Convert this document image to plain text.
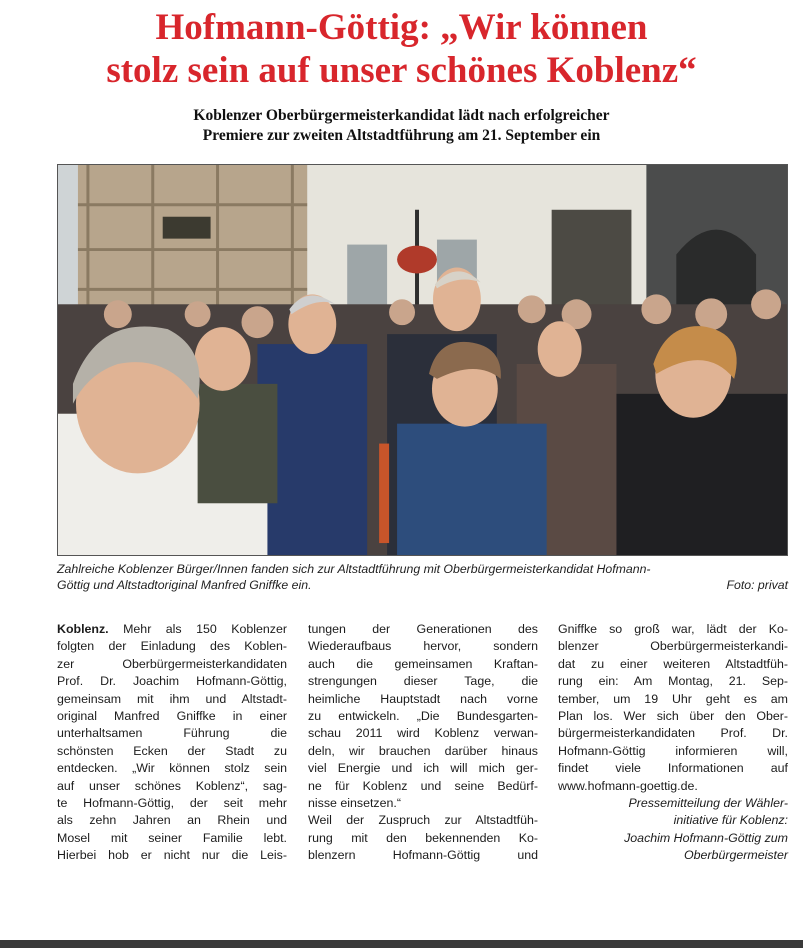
Hofmann-Göttig: „Wir können
stolz sein auf unser schönes Koblenz“
Koblenzer Oberbürgermeisterkandidat lädt nach erfolgreicher
Premiere zur zweiten Altstadtführung am 21. September ein
Zahlreiche Koblenzer Bürger/Innen fanden sich zur Altstadtführung mit Oberbürgermeisterkandidat Hofmann-
Göttig und Altstadtoriginal Manfred Gniffke ein.	Foto: privat
Koblenz. Mehr als 150 Koblenzer
folgten der Einladung des Koblen-
zer Oberbürgermeisterkandidaten
Prof. Dr. Joachim Hofmann-Göttig,
gemeinsam mit ihm und Altstadt-
original Manfred Gniffke in einer
unterhaltsamen Führung die
schönsten Ecken der Stadt zu
entdecken. „Wir können stolz sein
auf unser schönes Koblenz“, sag-
te Hofmann-Göttig, der seit mehr
als zehn Jahren an Rhein und
Mosel mit seiner Familie lebt.
Hierbei hob er nicht nur die Leis-
tungen der Generationen des
Wiederaufbaus hervor, sondern
auch die gemeinsamen Kraftan-
strengungen dieser Tage, die
heimliche Hauptstadt nach vorne
zu entwickeln. „Die Bundesgarten-
schau 2011 wird Koblenz verwan-
deln, wir brauchen darüber hinaus
viel Energie und ich will mich ger-
ne für Koblenz und seine Bedürf-
nisse einsetzen.“
Weil der Zuspruch zur Altstadtfüh-
rung mit den bekennenden Ko-
blenzern Hofmann-Göttig und
Gniffke so groß war, lädt der Ko-
blenzer Oberbürgermeisterkandi-
dat zu einer weiteren Altstadtfüh-
rung ein: Am Montag, 21. Sep-
tember, um 19 Uhr geht es am
Plan los. Wer sich über den Ober-
bürgermeisterkandidaten Prof. Dr.
Hofmann-Göttig informieren will,
findet viele Informationen auf
www.hofmann-goettig.de.
Pressemitteilung der Wähler-
initiative für Koblenz:
Joachim Hofmann-Göttig zum
Oberbürgermeister
